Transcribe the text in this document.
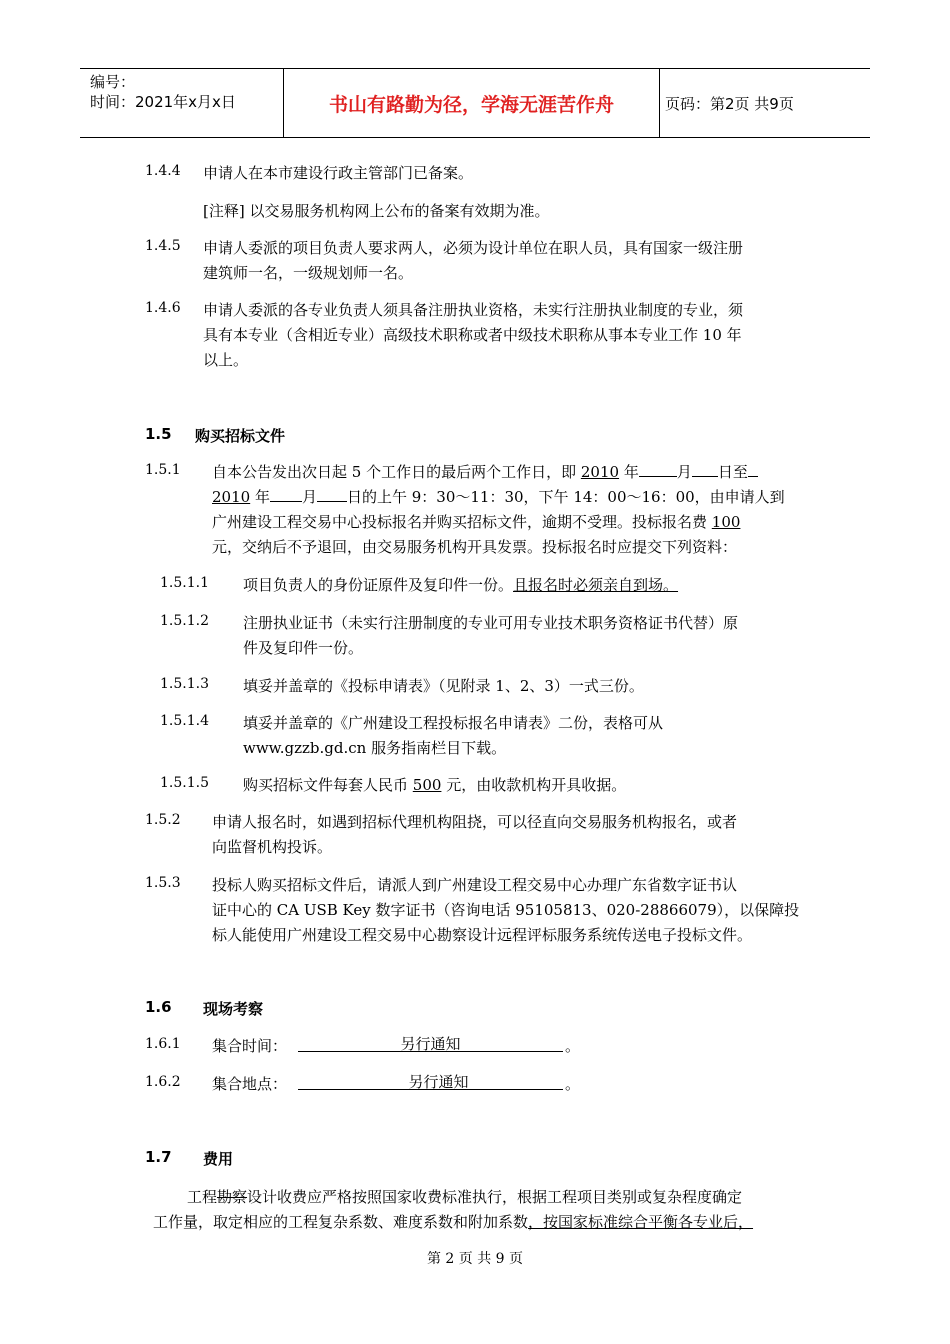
编号：
时间：2021年x月x日	书山有路勤为径，学海无涯苦作舟	页码：第2页 共9页
1.4.4 申请人在本市建设行政主管部门已备案。
[注释] 以交易服务机构网上公布的备案有效期为准。
1.4.5 申请人委派的项目负责人要求两人，必须为设计单位在职人员，具有国家一级注册
建筑师一名，一级规划师一名。
1.4.6 申请人委派的各专业负责人须具备注册执业资格，未实行注册执业制度的专业，须
具有本专业（含相近专业）高级技术职称或者中级技术职称从事本专业工作 10 年
以上。
1.5 购买招标文件
1.5.1 自本公告发出次日起 5 个工作日的最后两个工作日，即 2010 年	月 日至
2010 年 月 日的上午 9：30～11：30，下午 14：00～16：00，由申请人到
广州建设工程交易中心投标报名并购买招标文件，逾期不受理。投标报名费 100
元，交纳后不予退回，由交易服务机构开具发票。投标报名时应提交下列资料：
1.5.1.1 项目负责人的身份证原件及复印件一份。且报名时必须亲自到场。
1.5.1.2 注册执业证书（未实行注册制度的专业可用专业技术职务资格证书代替）原
件及复印件一份。
1.5.1.3 填妥并盖章的《投标申请表》（见附录 1、2、3）一式三份。
1.5.1.4 填妥并盖章的《广州建设工程投标报名申请表》二份，表格可从
www.gzzb.gd.cn 服务指南栏目下载。
1.5.1.5 购买招标文件每套人民币 500 元，由收款机构开具收据。
1.5.2 申请人报名时，如遇到招标代理机构阻挠，可以径直向交易服务机构报名，或者
向监督机构投诉。
1.5.3 投标人购买招标文件后，请派人到广州建设工程交易中心办理广东省数字证书认
证中心的 CA USB Key 数字证书（咨询电话 95105813、020-28866079），以保障投
标人能使用广州建设工程交易中心勘察设计远程评标服务系统传送电子投标文件。
1.6 现场考察
1.6.1 集合时间：	另行通知	。
1.6.2 集合地点：	另行通知	。
1.7 费用
工程勘察设计收费应严格按照国家收费标准执行，根据工程项目类别或复杂程度确定
工作量，取定相应的工程复杂系数、难度系数和附加系数，按国家标准综合平衡各专业后，
第 2 页 共 9 页
